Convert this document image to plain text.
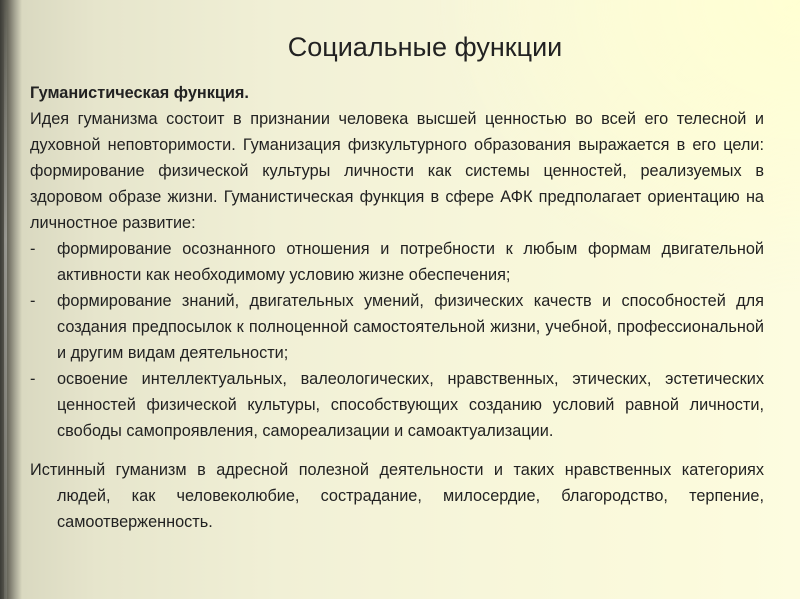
Социальные функции

Гуманистическая функция.

Идея гуманизма состоит в признании человека высшей ценностью во всей его телесной и духовной неповторимости. Гуманизация физкультурного образования выражается в его цели: формирование физической культуры личности как системы ценностей, реализуемых в здоровом образе жизни. Гуманистическая функция в сфере АФК предполагает ориентацию на личностное развитие:

- формирование осознанного отношения и потребности к любым формам двигательной активности как необходимому условию жизне обеспечения;

- формирование знаний, двигательных умений, физических качеств и способностей для создания предпосылок к полноценной самостоятельной жизни, учебной, профессиональной и другим видам деятельности;

- освоение интеллектуальных, валеологических, нравственных, этических, эстетических ценностей физической культуры, способствующих созданию условий равной личности, свободы самопроявления, самореализации и самоактуализации.

Истинный гуманизм в адресной полезной деятельности и таких нравственных категориях людей, как человеколюбие, сострадание, милосердие, благородство, терпение, самоотверженность.
